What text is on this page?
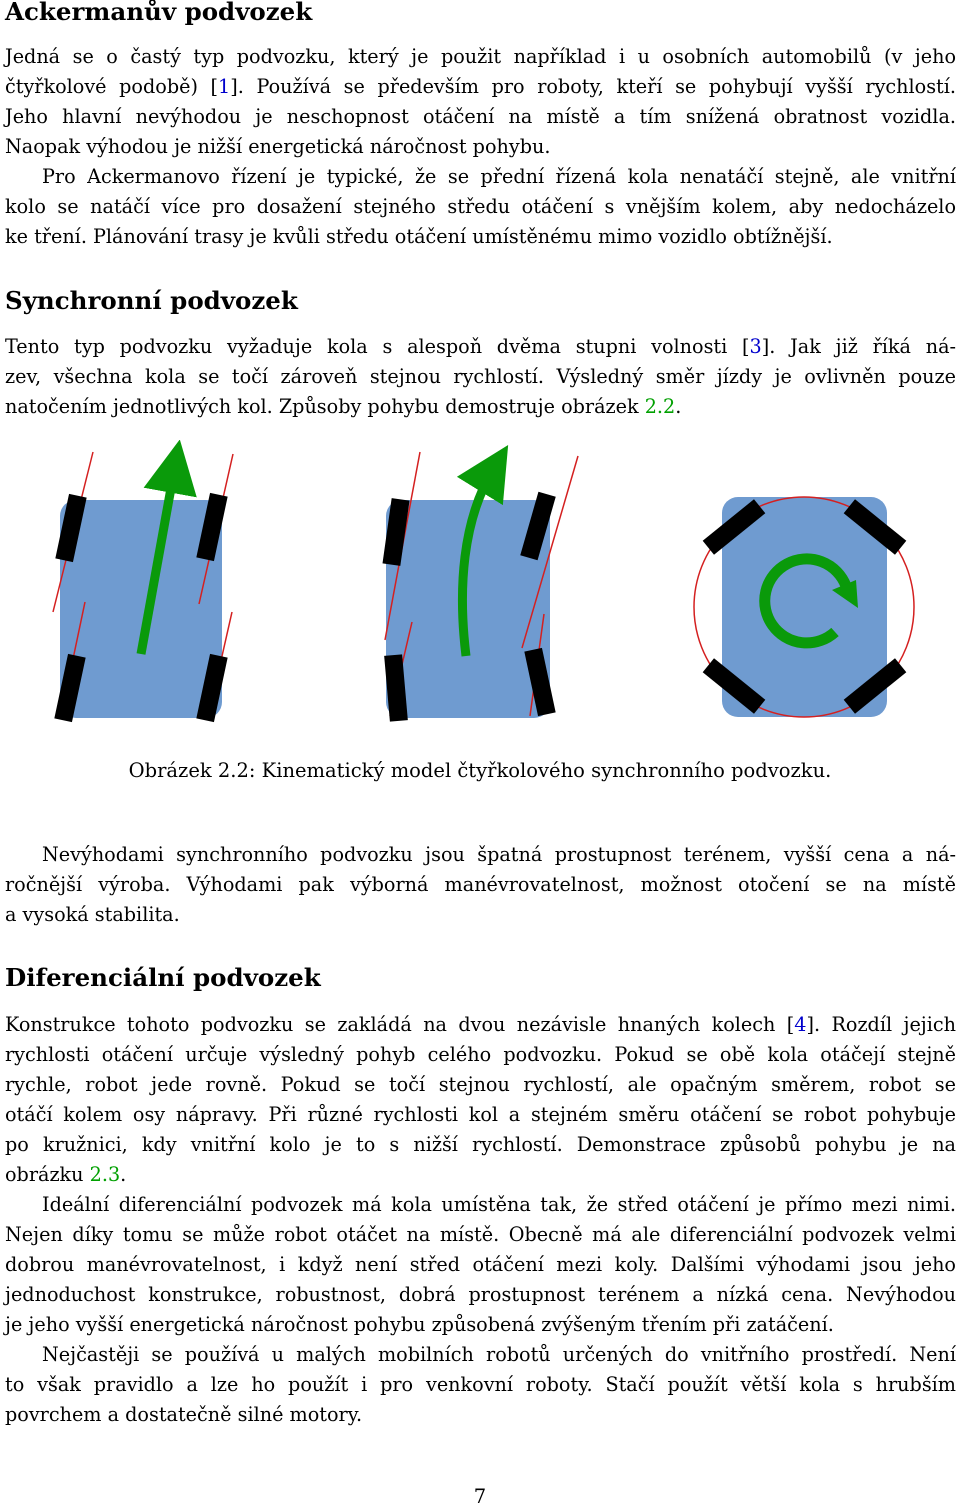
Ackermanův podvozek
Jedná se o častý typ podvozku, který je použit například i u osobních automobilů (v jeho
čtyřkolové podobě) [1]. Používá se především pro roboty, kteří se pohybují vyšší rychlostí.
Jeho hlavní nevýhodou je neschopnost otáčení na místě a tím snížená obratnost vozidla.
Naopak výhodou je nižší energetická náročnost pohybu.
Pro Ackermanovo řízení je typické, že se přední řízená kola nenatáčí stejně, ale vnitřní
kolo se natáčí více pro dosažení stejného středu otáčení s vnějším kolem, aby nedocházelo
ke tření. Plánování trasy je kvůli středu otáčení umístěnému mimo vozidlo obtížnější.
Synchronní podvozek
Tento typ podvozku vyžaduje kola s alespoň dvěma stupni volnosti [3]. Jak již říká ná-
zev, všechna kola se točí zároveň stejnou rychlostí. Výsledný směr jízdy je ovlivněn pouze
natočením jednotlivých kol. Způsoby pohybu demostruje obrázek 2.2.
Obrázek 2.2: Kinematický model čtyřkolového synchronního podvozku.
Nevýhodami synchronního podvozku jsou špatná prostupnost terénem, vyšší cena a ná-
ročnější výroba. Výhodami pak výborná manévrovatelnost, možnost otočení se na místě
a vysoká stabilita.
Diferenciální podvozek
Konstrukce tohoto podvozku se zakládá na dvou nezávisle hnaných kolech [4]. Rozdíl jejich
rychlosti otáčení určuje výsledný pohyb celého podvozku. Pokud se obě kola otáčejí stejně
rychle, robot jede rovně. Pokud se točí stejnou rychlostí, ale opačným směrem, robot se
otáčí kolem osy nápravy. Při různé rychlosti kol a stejném směru otáčení se robot pohybuje
po kružnici, kdy vnitřní kolo je to s nižší rychlostí. Demonstrace způsobů pohybu je na
obrázku 2.3.
Ideální diferenciální podvozek má kola umístěna tak, že střed otáčení je přímo mezi nimi.
Nejen díky tomu se může robot otáčet na místě. Obecně má ale diferenciální podvozek velmi
dobrou manévrovatelnost, i když není střed otáčení mezi koly. Dalšími výhodami jsou jeho
jednoduchost konstrukce, robustnost, dobrá prostupnost terénem a nízká cena. Nevýhodou
je jeho vyšší energetická náročnost pohybu způsobená zvýšeným třením při zatáčení.
Nejčastěji se používá u malých mobilních robotů určených do vnitřního prostředí. Není
to však pravidlo a lze ho použít i pro venkovní roboty. Stačí použít větší kola s hrubším
povrchem a dostatečně silné motory.
7
